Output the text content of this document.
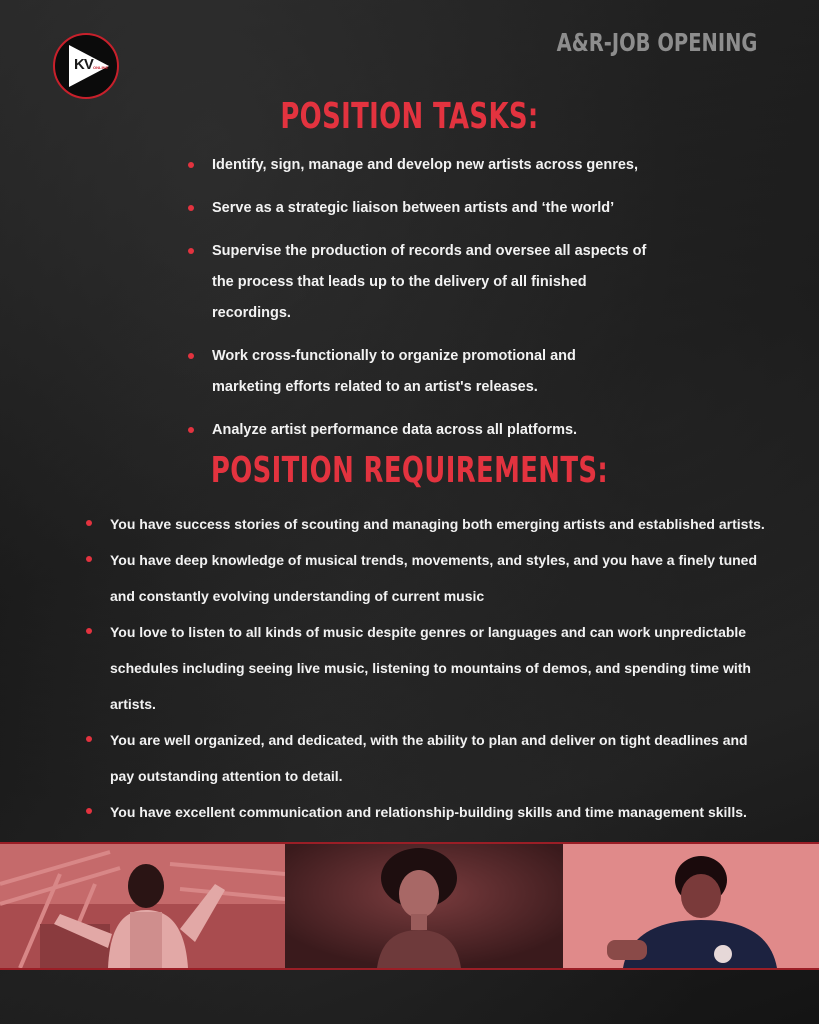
KV ONLINE
A&R-JOB OPENING
POSITION TASKS:
Identify, sign, manage and develop new artists across genres,
Serve as a strategic liaison between artists and ‘the world’
Supervise the production of records and oversee all aspects of the process that leads up to the delivery of all finished recordings.
Work cross-functionally to organize promotional and marketing efforts related to an artist's releases.
Analyze artist performance data across all platforms.
POSITION REQUIREMENTS:
You have success stories of scouting and managing both emerging artists and established artists.
You have deep knowledge of musical trends, movements, and styles, and you have a finely tuned and constantly evolving understanding of current music
You love to listen to all kinds of music despite genres or languages and can work unpredictable schedules including seeing live music, listening to mountains of demos, and spending time with artists.
You are well organized, and dedicated, with the ability to plan and deliver on tight deadlines and pay outstanding attention to detail.
You have excellent communication and relationship-building skills and time management skills.
